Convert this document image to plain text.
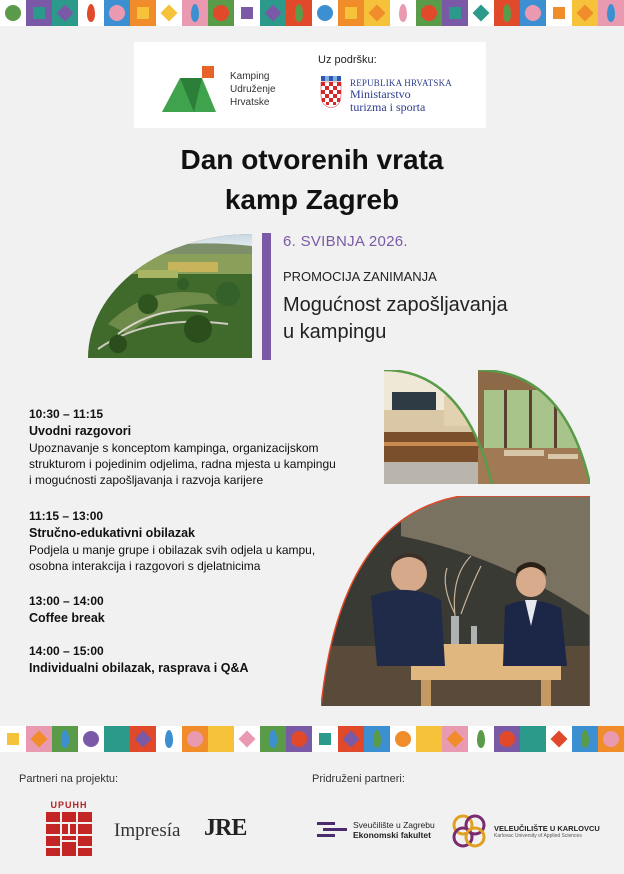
Kamping
Udruženje
Hrvatske
Uz podršku:
REPUBLIKA HRVATSKA
Ministarstvo
turizma i sporta
Dan otvorenih vrata
kamp Zagreb
6. SVIBNJA 2026.
PROMOCIJA ZANIMANJA
Mogućnost zapošljavanja
u kampingu
10:30 – 11:15
Uvodni razgovori
Upoznavanje s konceptom kampinga, organizacijskom
strukturom i pojedinim odjelima, radna mjesta u kampingu
i mogućnosti zapošljavanja i razvoja karijere
11:15 – 13:00
Stručno-edukativni obilazak
Podjela u manje grupe i obilazak svih odjela u kampu,
osobna interakcija i razgovori s djelatnicima
13:00 – 14:00
Coffee break
14:00 – 15:00
Individualni obilazak, rasprava i Q&A
Partneri na projektu:	Pridruženi partneri:
UPUHH
Impresía JRE	Sveučilište u Zagrebu
Ekonomski fakultet
VELEUČILIŠTE U KARLOVCU
Karlovac University of Applied Sciences
